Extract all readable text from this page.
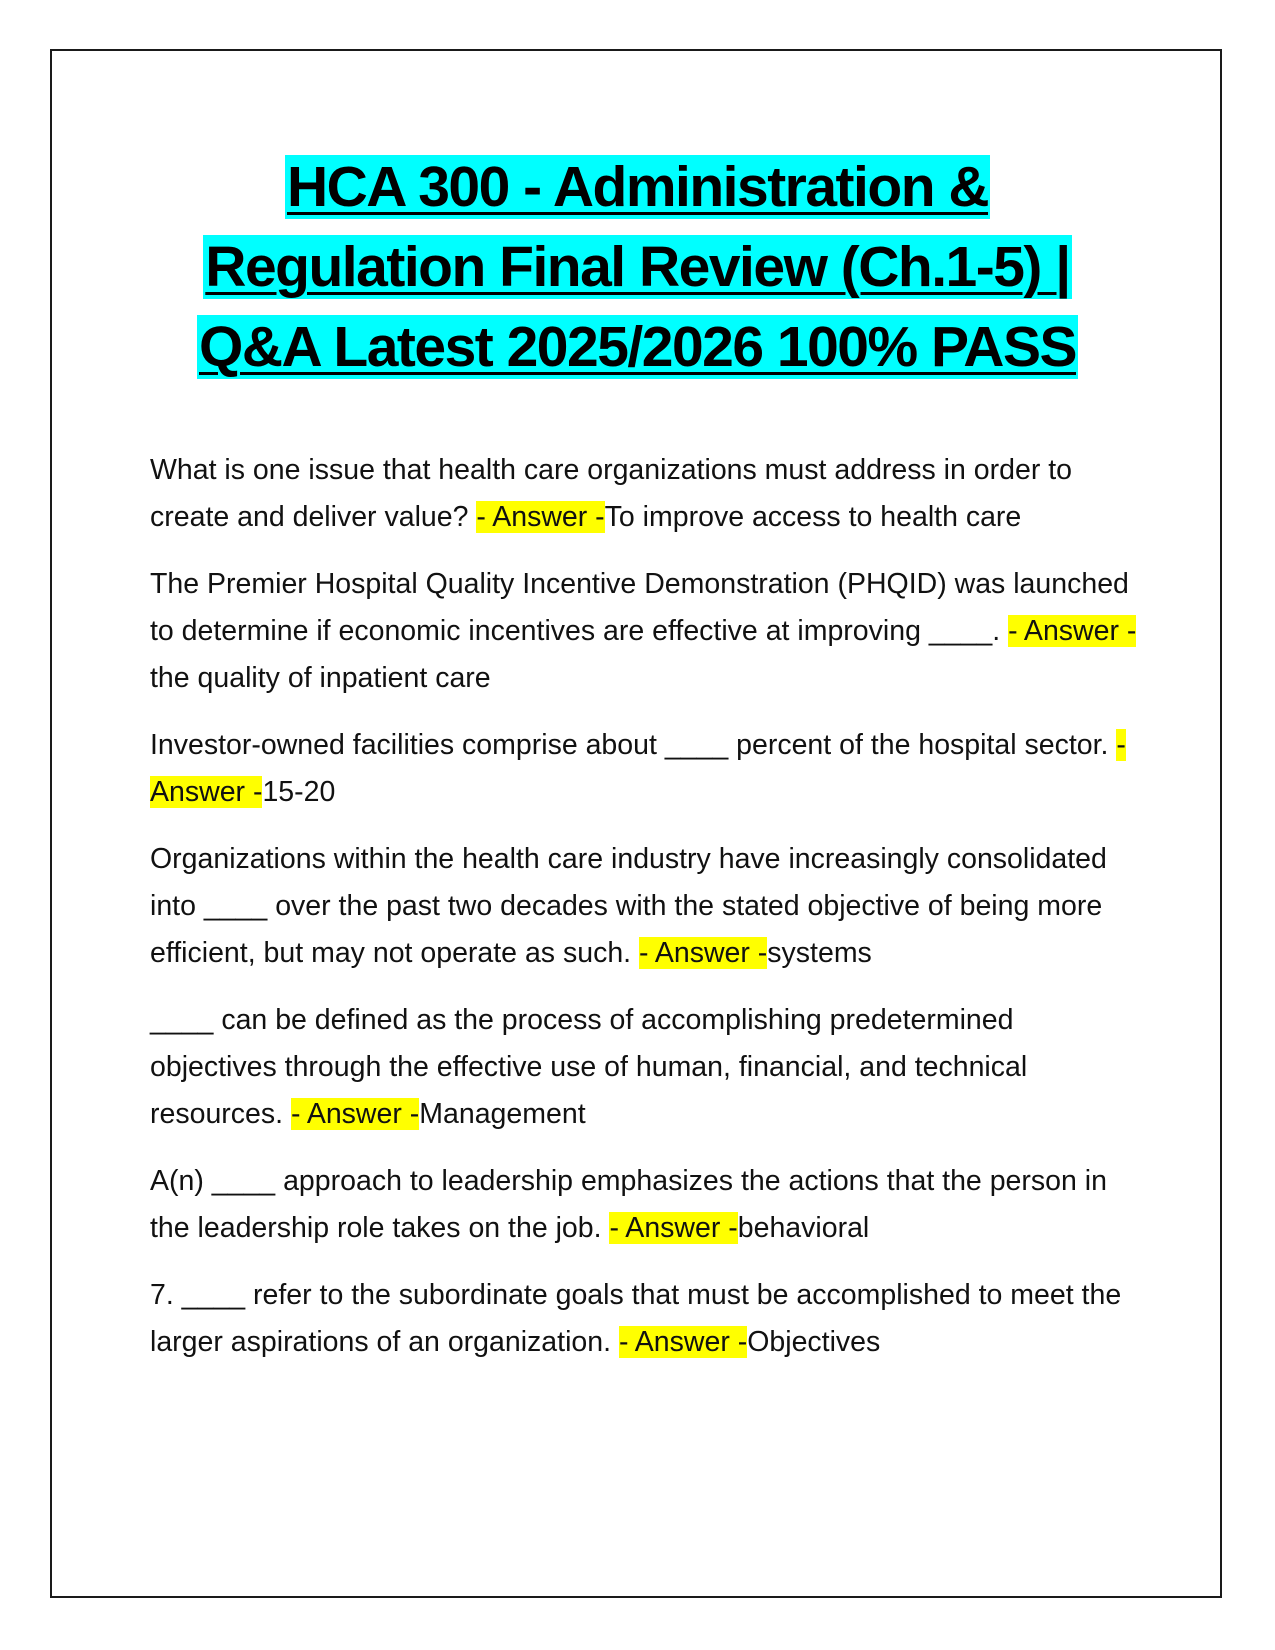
HCA 300 - Administration &
Regulation Final Review (Ch.1-5) |
Q&A Latest 2025/2026 100% PASS
What is one issue that health care organizations must address in order to create and deliver value? - Answer -To improve access to health care
The Premier Hospital Quality Incentive Demonstration (PHQID) was launched to determine if economic incentives are effective at improving ____. - Answer -the quality of inpatient care
Investor-owned facilities comprise about ____ percent of the hospital sector. - Answer -15-20
Organizations within the health care industry have increasingly consolidated into ____ over the past two decades with the stated objective of being more efficient, but may not operate as such. - Answer -systems
____ can be defined as the process of accomplishing predetermined objectives through the effective use of human, financial, and technical resources. - Answer -Management
A(n) ____ approach to leadership emphasizes the actions that the person in the leadership role takes on the job. - Answer -behavioral
7. ____ refer to the subordinate goals that must be accomplished to meet the larger aspirations of an organization. - Answer -Objectives
